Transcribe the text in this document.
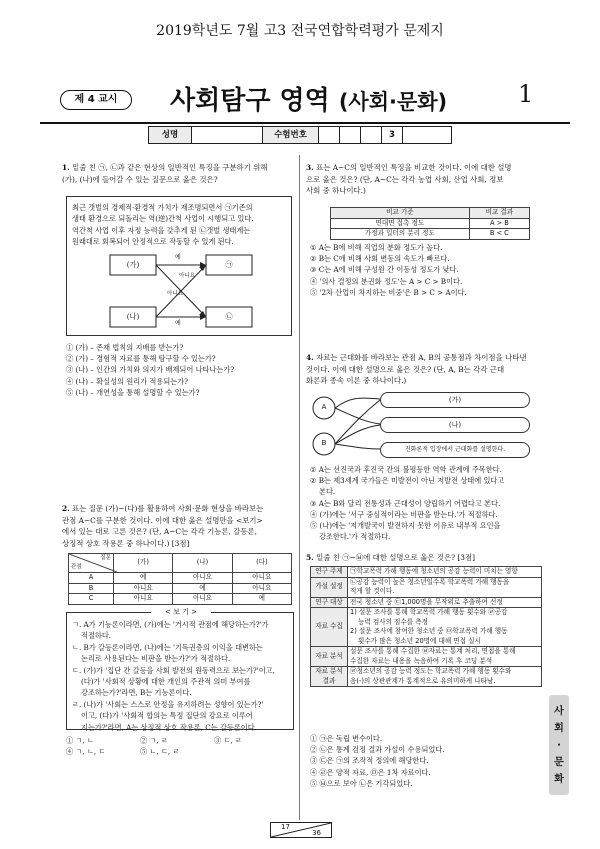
2019학년도 7월 고3 전국연합학력평가 문제지
제 4 교시	사회탐구 영역 (사회·문화)	1
성명	수험번호	3
1. 밑줄 친 ㉠, ㉡과 같은 현상의 일반적인 특징을 구분하기 위해
(가), (나)에 들어갈 수 있는 질문으로 옳은 것은?
최근 갯벌의 경제적·환경적 가치가 재조명되면서 ㉠기존의
생태 환경으로 되돌리는 역(逆)간척 사업이 시행되고 있다.
역간척 사업 이후 자정 능력을 갖추게 된 ㉡갯벌 생태계는
원래대로 회복되어 안정적으로 작동할 수 있게 된다.
(가)
(나)
㉠
㉡
예
아니요
아니요
예
① (가) – 존재 법칙의 지배를 받는가?
② (가) – 경험적 자료를 통해 탐구할 수 있는가?
③ (나) – 인간의 가치와 의지가 배제되어 나타나는가?
④ (나) – 확실성의 원리가 적용되는가?
⑤ (나) – 개연성을 통해 설명할 수 있는가?
2. 표는 질문 (가)~(다)를 활용하여 사회·문화 현상을 바라보는
관점 A~C를 구분한 것이다. 이에 대한 옳은 설명만을 <보기>
에서 있는 대로 고른 것은? (단, A~C는 각각 기능론, 갈등론,
상징적 상호 작용론 중 하나이다.) [3점]
질문
관점	(가)	(나)	(다)
A	예	아니요	아니요
B	아니요	예	아니요
C	아니요	아니요	예
< 보 기 >
ㄱ. A가 기능론이라면, (가)에는 '거시적 관점에 해당하는가?'가
적절하다.
ㄴ. B가 갈등론이라면, (나)에는 '기득권층의 이익을 대변하는
논리로 사용된다는 비판을 받는가?'가 적절하다.
ㄷ. (가)가 '집단 간 갈등을 사회 발전의 원동력으로 보는가?'이고,
(다)가 '사회적 상황에 대한 개인의 주관적 의미 부여를
강조하는가?'라면, B는 기능론이다.
ㄹ. (나)가 '사회는 스스로 안정을 유지하려는 성향이 있는가?'
이고, (다)가 '사회적 합의는 특정 집단의 강요로 이루어
지는가?'라면, A는 상징적 상호 작용론, C는 갈등론이다.
① ㄱ, ㄴ	② ㄱ, ㄹ	③ ㄷ, ㄹ
④ ㄱ, ㄴ, ㄷ	⑤ ㄴ, ㄷ, ㄹ
3. 표는 A~C의 일반적인 특징을 비교한 것이다. 이에 대한 설명
으로 옳은 것은? (단, A~C는 각각 농업 사회, 산업 사회, 정보
사회 중 하나이다.)
비교 기준	비교 결과
면대면 접촉 정도	A > B
가정과 일터의 분리 정도	B < C
① A는 B에 비해 직업의 분화 정도가 높다.
② B는 C에 비해 사회 변동의 속도가 빠르다.
③ C는 A에 비해 구성원 간 이동성 정도가 낮다.
④ '의사 결정의 분권화 정도'는 A > C > B이다.
⑤ '2차 산업이 차지하는 비중'은 B > C > A이다.
4. 자료는 근대화를 바라보는 관점 A, B의 공통점과 차이점을 나타낸
것이다. 이에 대한 설명으로 옳은 것은? (단, A, B는 각각 근대
화론과 종속 이론 중 하나이다.)
A
B
(가)
(나)
진화론적 입장에서 근대화를 설명한다.
① A는 선진국과 후진국 간의 불평등한 역학 관계에 주목한다.
② B는 제3세계 국가들은 미발전이 아닌 저발전 상태에 있다고
본다.
③ A는 B와 달리 전통성과 근대성이 양립하기 어렵다고 본다.
④ (가)에는 '서구 중심적이라는 비판을 받는다.'가 적절하다.
⑤ (나)에는 '저개발국이 발전하지 못한 이유로 내부적 요인을
강조한다.'가 적절하다.
5. 밑줄 친 ㉠~㉥에 대한 설명으로 옳은 것은? [3점]
연구 주제	㉠학교폭력 가해 행동에 청소년의 공감 능력이 미치는 영향
가설 설정	㉡공감 능력이 높은 청소년일수록 학교폭력 가해 행동을
적게 할 것이다.
연구 대상	전국 청소년 중 ㉢1,000명을 무작위로 추출하여 선정
자료 수집	1) 설문 조사를 통해 학교폭력 가해 행동 횟수와 ㉣공감
능력 검사의 점수를 측정
2) 설문 조사에 참여한 청소년 중 ㉤학교폭력 가해 행동
횟수가 많은 청소년 20명에 대해 면접 실시
자료 분석	설문 조사를 통해 수집한 ㉥자료는 통계 처리, 면접을 통해
수집한 자료는 내용을 녹음하여 기록 후 코딩 분석
자료 분석 결과	㉣청소년의 공감 능력 정도는 학교폭력 가해 행동 횟수와
음(-)의 상관관계가 통계적으로 유의미하게 나타남.
① ㉠은 독립 변수이다.
② ㉡은 통계 검정 결과 가설이 수용되었다.
③ ㉢은 ㉠의 조작적 정의에 해당한다.
④ ㉣은 양적 자료, ㉤은 1차 자료이다.
⑤ ㉥으로 보아 ㉡은 기각되었다.
사
회
·
문
화
17
36
